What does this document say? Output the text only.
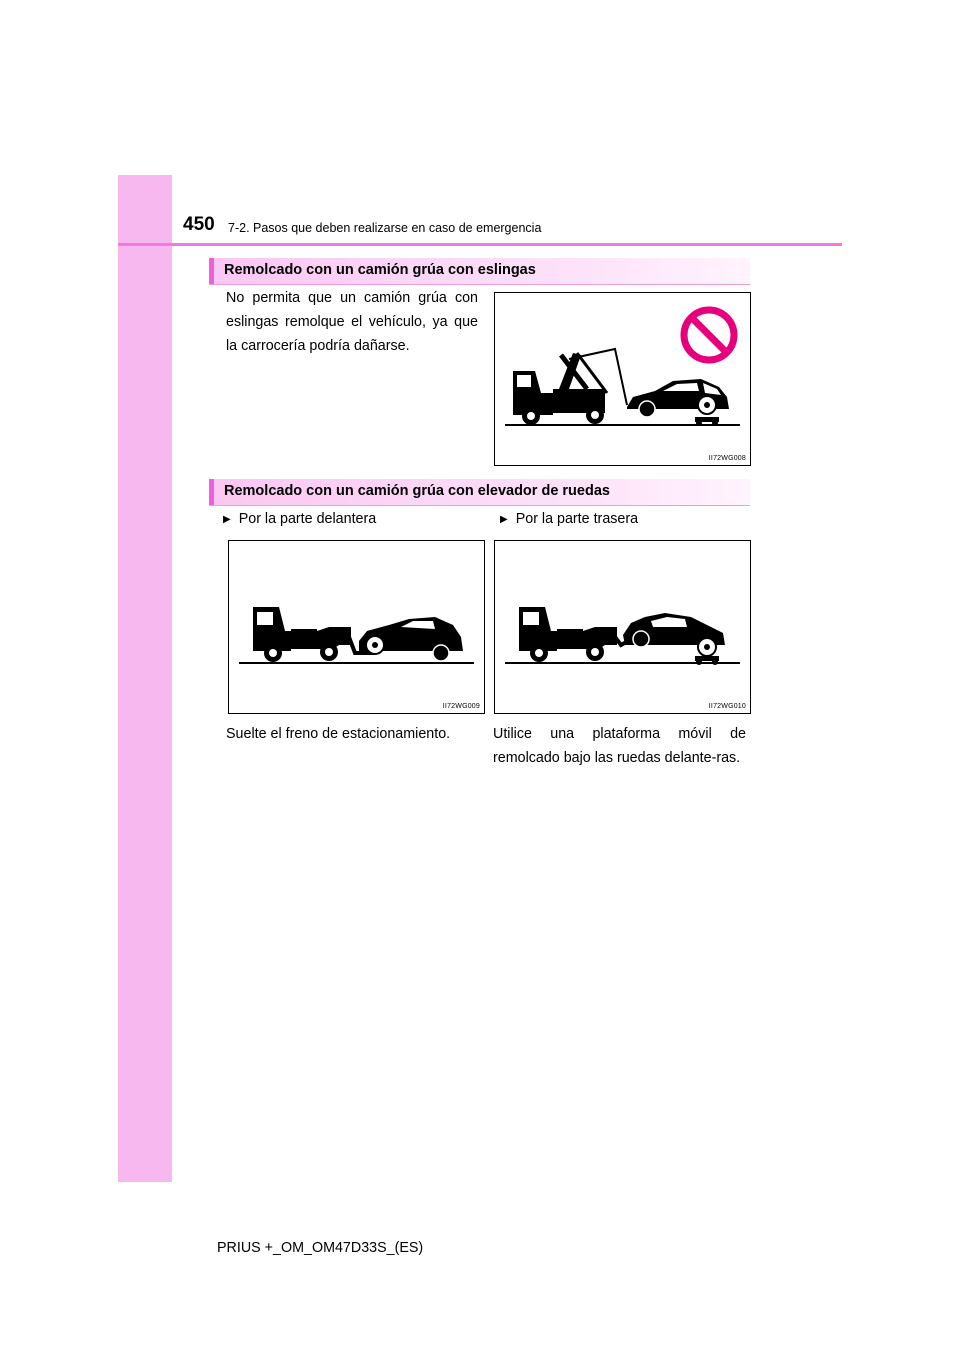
450 7-2. Pasos que deben realizarse en caso de emergencia
Remolcado con un camión grúa con eslingas
No permita que un camión grúa con eslingas remolque el vehículo, ya que la carrocería podría dañarse.
II72WG008
Remolcado con un camión grúa con elevador de ruedas
▶ Por la parte delantera	▶ Por la parte trasera
II72WG009	II72WG010
Suelte el freno de estacionamiento.	Utilice una plataforma móvil de remolcado bajo las ruedas delante-ras.
PRIUS +_OM_OM47D33S_(ES)
